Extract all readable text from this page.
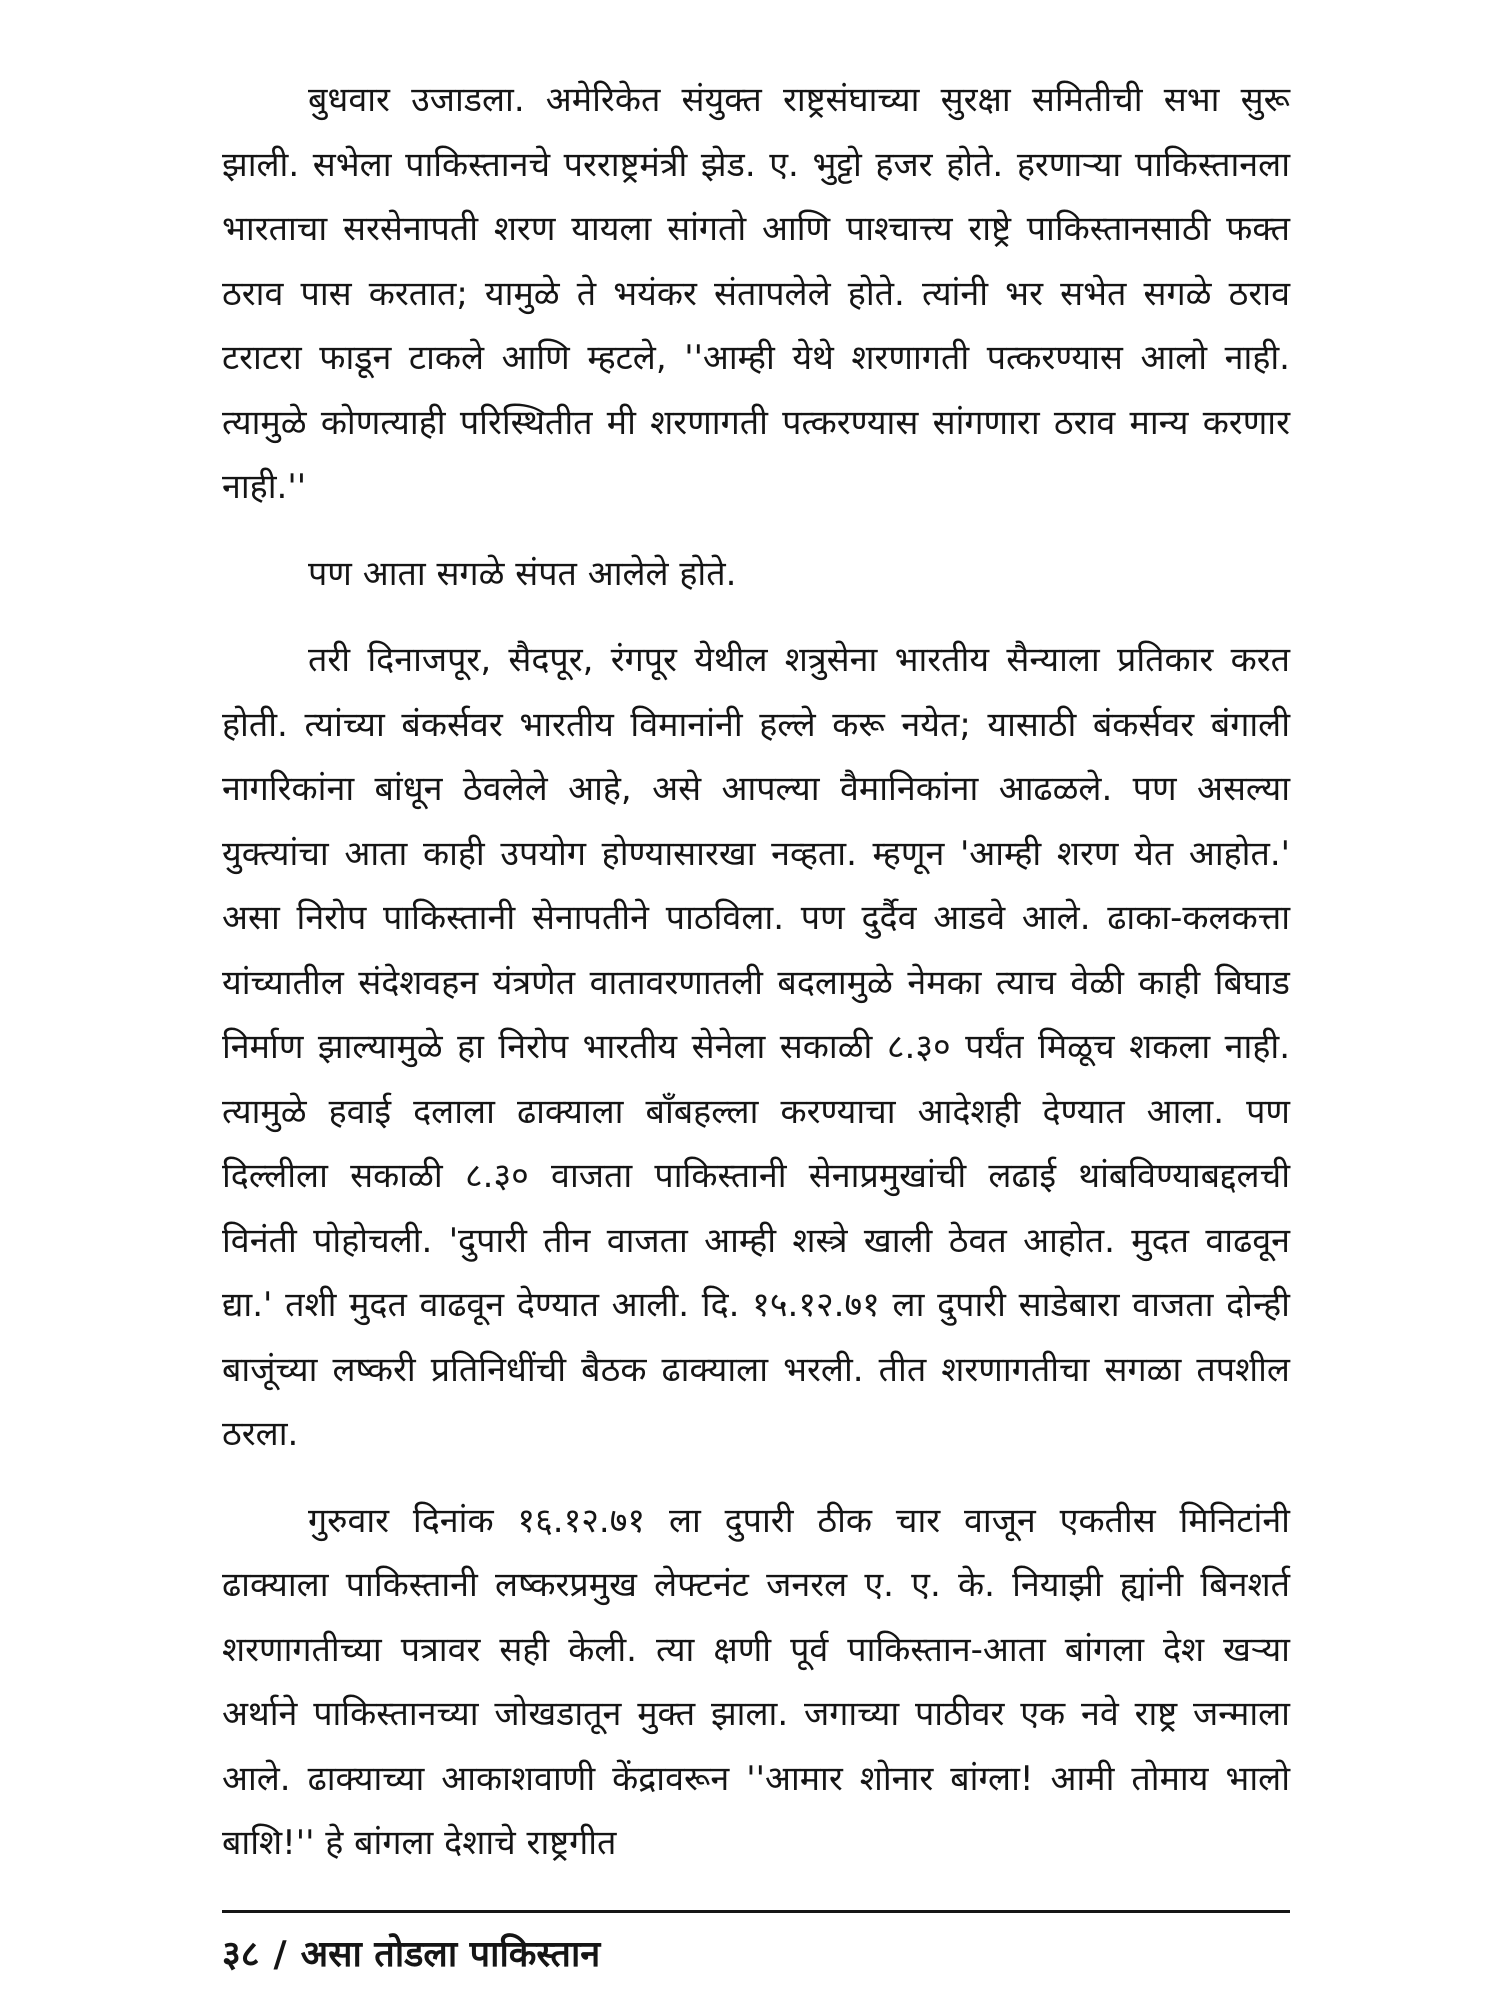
बुधवार उजाडला. अमेरिकेत संयुक्त राष्ट्रसंघाच्या सुरक्षा समितीची सभा सुरू झाली. सभेला पाकिस्तानचे परराष्ट्रमंत्री झेड. ए. भुट्टो हजर होते. हरणाऱ्या पाकिस्तानला भारताचा सरसेनापती शरण यायला सांगतो आणि पाश्चात्त्य राष्ट्रे पाकिस्तानसाठी फक्त ठराव पास करतात; यामुळे ते भयंकर संतापलेले होते. त्यांनी भर सभेत सगळे ठराव टराटरा फाडून टाकले आणि म्हटले, ''आम्ही येथे शरणागती पत्करण्यास आलो नाही. त्यामुळे कोणत्याही परिस्थितीत मी शरणागती पत्करण्यास सांगणारा ठराव मान्य करणार नाही.''

पण आता सगळे संपत आलेले होते.

तरी दिनाजपूर, सैदपूर, रंगपूर येथील शत्रुसेना भारतीय सैन्याला प्रतिकार करत होती. त्यांच्या बंकर्सवर भारतीय विमानांनी हल्ले करू नयेत; यासाठी बंकर्सवर बंगाली नागरिकांना बांधून ठेवलेले आहे, असे आपल्या वैमानिकांना आढळले. पण असल्या युक्त्यांचा आता काही उपयोग होण्यासारखा नव्हता. म्हणून 'आम्ही शरण येत आहोत.' असा निरोप पाकिस्तानी सेनापतीने पाठविला. पण दुर्दैव आडवे आले. ढाका-कलकत्ता यांच्यातील संदेशवहन यंत्रणेत वातावरणातली बदलामुळे नेमका त्याच वेळी काही बिघाड निर्माण झाल्यामुळे हा निरोप भारतीय सेनेला सकाळी ८.३० पर्यंत मिळूच शकला नाही. त्यामुळे हवाई दलाला ढाक्याला बाँबहल्ला करण्याचा आदेशही देण्यात आला. पण दिल्लीला सकाळी ८.३० वाजता पाकिस्तानी सेनाप्रमुखांची लढाई थांबविण्याबद्दलची विनंती पोहोचली. 'दुपारी तीन वाजता आम्ही शस्त्रे खाली ठेवत आहोत. मुदत वाढवून द्या.' तशी मुदत वाढवून देण्यात आली. दि. १५.१२.७१ ला दुपारी साडेबारा वाजता दोन्ही बाजूंच्या लष्करी प्रतिनिधींची बैठक ढाक्याला भरली. तीत शरणागतीचा सगळा तपशील ठरला.

गुरुवार दिनांक १६.१२.७१ ला दुपारी ठीक चार वाजून एकतीस मिनिटांनी ढाक्याला पाकिस्तानी लष्करप्रमुख लेफ्टनंट जनरल ए. ए. के. नियाझी ह्यांनी बिनशर्त शरणागतीच्या पत्रावर सही केली. त्या क्षणी पूर्व पाकिस्तान-आता बांगला देश खऱ्या अर्थाने पाकिस्तानच्या जोखडातून मुक्त झाला. जगाच्या पाठीवर एक नवे राष्ट्र जन्माला आले. ढाक्याच्या आकाशवाणी केंद्रावरून ''आमार शोनार बांग्ला! आमी तोमाय भालो बाशि!'' हे बांगला देशाचे राष्ट्रगीत

३८ / असा तोडला पाकिस्तान
